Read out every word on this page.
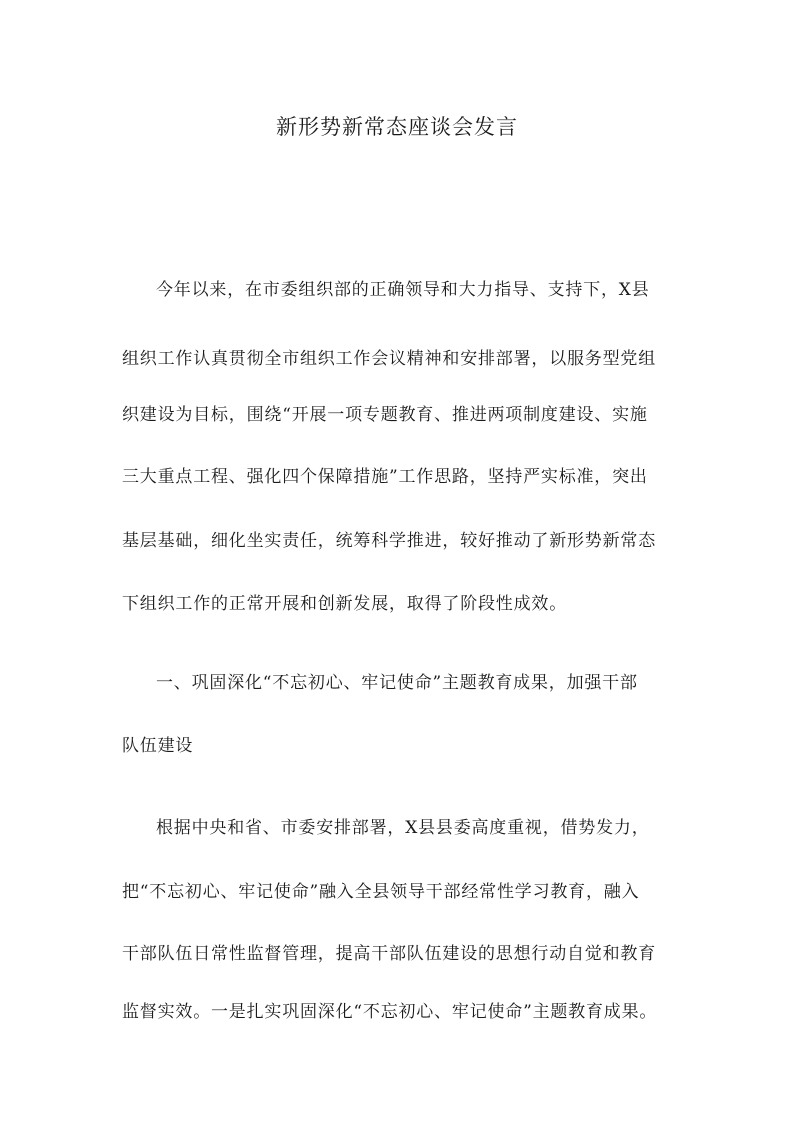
新形势新常态座谈会发言

今年以来，在市委组织部的正确领导和大力指导、支持下，X县

组织工作认真贯彻全市组织工作会议精神和安排部署，以服务型党组

织建设为目标，围绕“开展一项专题教育、推进两项制度建设、实施

三大重点工程、强化四个保障措施”工作思路，坚持严实标准，突出

基层基础，细化坐实责任，统筹科学推进，较好推动了新形势新常态

下组织工作的正常开展和创新发展，取得了阶段性成效。

一、巩固深化“不忘初心、牢记使命”主题教育成果，加强干部

队伍建设

根据中央和省、市委安排部署，X县县委高度重视，借势发力，

把“不忘初心、牢记使命”融入全县领导干部经常性学习教育，融入

干部队伍日常性监督管理，提高干部队伍建设的思想行动自觉和教育

监督实效。一是扎实巩固深化“不忘初心、牢记使命”主题教育成果。
